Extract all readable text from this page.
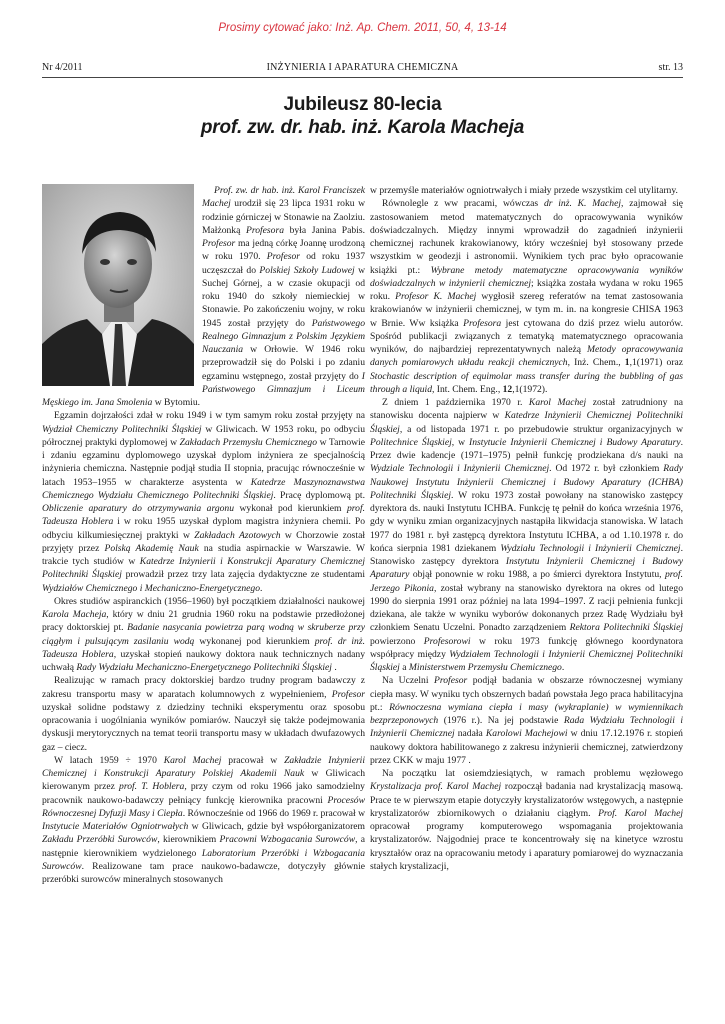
Prosimy cytować jako: Inż. Ap. Chem. 2011, 50, 4, 13-14
Nr 4/2011	INŻYNIERIA I APARATURA CHEMICZNA	str. 13
Jubileusz 80-lecia
prof. zw. dr. hab. inż. Karola Macheja

Prof. zw. dr hab. inż. Karol Franciszek Machej urodził się 23 lipca 1931 roku w rodzinie górniczej w Stonawie na Zaolziu. Małżonką Profesora była Janina Pabis. Profesor ma jedną córkę Joannę urodzoną w roku 1970. Profesor od roku 1937 uczęszczał do Polskiej Szkoły Ludowej w Suchej Górnej, a w czasie okupacji od roku 1940 do szkoły niemieckiej w Stonawie. Po zakończeniu wojny, w roku 1945 został przyjęty do Państwowego Realnego Gimnazjum z Polskim Językiem Nauczania w Orłowie. W 1946 roku przeprowadził się do Polski i po zdaniu egzaminu wstępnego, został przyjęty do I Państwowego Gimnazjum i Liceum Męskiego im. Jana Smolenia w Bytomiu.

Egzamin dojrzałości zdał w roku 1949 i w tym samym roku został przyjęty na Wydział Chemiczny Politechniki Śląskiej w Gliwicach. W 1953 roku, po odbyciu półrocznej praktyki dyplomowej w Zakładach Przemysłu Chemicznego w Tarnowie i zdaniu egzaminu dyplomowego uzyskał dyplom inżyniera ze specjalnością inżynieria chemiczna. Następnie podjął studia II stopnia, pracując równocześnie w latach 1953–1955 w charakterze asystenta w Katedrze Maszynoznawstwa Chemicznego Wydziału Chemicznego Politechniki Śląskiej. Pracę dyplomową pt. Obliczenie aparatury do otrzymywania argonu wykonał pod kierunkiem prof. Tadeusza Hoblera i w roku 1955 uzyskał dyplom magistra inżyniera chemii. Po odbyciu kilkumiesięcznej praktyki w Zakładach Azotowych w Chorzowie został przyjęty przez Polską Akademię Nauk na studia aspirnackie w Warszawie. W trakcie tych studiów w Katedrze Inżynierii i Konstrukcji Aparatury Chemicznej Politechniki Śląskiej prowadził przez trzy lata zajęcia dydaktyczne ze studentami Wydziałów Chemicznego i Mechaniczno-Energetycznego.

Okres studiów aspiranckich (1956–1960) był początkiem działalności naukowej Karola Macheja, który w dniu 21 grudnia 1960 roku na podstawie przedłożonej pracy doktorskiej pt. Badanie nasycania powietrza parą wodną w skruberze przy ciągłym i pulsującym zasilaniu wodą wykonanej pod kierunkiem prof. dr inż. Tadeusza Hoblera, uzyskał stopień naukowy doktora nauk technicznych nadany uchwałą Rady Wydziału Mechaniczno-Energetycznego Politechniki Śląskiej .

Realizując w ramach pracy doktorskiej bardzo trudny program badawczy z zakresu transportu masy w aparatach kolumnowych z wypełnieniem, Profesor uzyskał solidne podstawy z dziedziny techniki eksperymentu oraz sposobu opracowania i uogólniania wyników pomiarów. Nauczył się także podejmowania dyskusji merytorycznych na temat teorii transportu masy w układach dwufazowych gaz – ciecz.

W latach 1959 ÷ 1970 Karol Machej pracował w Zakładzie Inżynierii Chemicznej i Konstrukcji Aparatury Polskiej Akademii Nauk w Gliwicach kierowanym przez prof. T. Hoblera, przy czym od roku 1966 jako samodzielny pracownik naukowo-badawczy pełniący funkcję kierownika pracowni Procesów Równoczesnej Dyfuzji Masy i Ciepła. Równocześnie od 1966 do 1969 r. pracował w Instytucie Materiałów Ogniotrwałych w Gliwicach, gdzie był współorganizatorem Zakładu Przeróbki Surowców, kierownikiem Pracowni Wzbogacania Surowców, a następnie kierownikiem wydzielonego Laboratorium Przeróbki i Wzbogacania Surowców. Realizowane tam prace naukowo-badawcze, dotyczyły głównie przeróbki surowców mineralnych stosowanych

w przemyśle materiałów ogniotrwałych i miały przede wszystkim cel utylitarny.

Równolegle z ww pracami, wówczas dr inż. K. Machej, zajmował się zastosowaniem metod matematycznych do opracowywania wyników doświadczalnych. Między innymi wprowadził do zagadnień inżynierii chemicznej rachunek krakowianowy, który wcześniej był stosowany przede wszystkim w geodezji i astronomii. Wynikiem tych prac było opracowanie książki pt.: Wybrane metody matematyczne opracowywania wyników doświadczalnych w inżynierii chemicznej; książka została wydana w roku 1965 roku. Profesor K. Machej wygłosił szereg referatów na temat zastosowania krakowianów w inżynierii chemicznej, w tym m. in. na kongresie CHISA 1963 w Brnie. Ww książka Profesora jest cytowana do dziś przez wielu autorów. Spośród publikacji związanych z tematyką matematycznego opracowania wyników, do najbardziej reprezentatywnych należą Metody opracowywania danych pomiarowych układu reakcji chemicznych, Inż. Chem., 1,1(1971) oraz Stochastic description of equimolar mass transfer during the bubbling of gas through a liquid, Int. Chem. Eng., 12,1(1972).

Z dniem 1 października 1970 r. Karol Machej został zatrudniony na stanowisku docenta najpierw w Katedrze Inżynierii Chemicznej Politechniki Śląskiej, a od listopada 1971 r. po przebudowie struktur organizacyjnych w Politechnice Śląskiej, w Instytucie Inżynierii Chemicznej i Budowy Aparatury. Przez dwie kadencje (1971–1975) pełnił funkcję prodziekana d/s nauki na Wydziale Technologii i Inżynierii Chemicznej. Od 1972 r. był członkiem Rady Naukowej Instytutu Inżynierii Chemicznej i Budowy Aparatury (ICHBA) Politechniki Śląskiej. W roku 1973 został powołany na stanowisko zastępcy dyrektora ds. nauki Instytutu ICHBA. Funkcję tę pełnił do końca września 1976, gdy w wyniku zmian organizacyjnych nastąpiła likwidacja stanowiska. W latach 1977 do 1981 r. był zastępcą dyrektora Instytutu ICHBA, a od 1.10.1978 r. do końca sierpnia 1981 dziekanem Wydziału Technologii i Inżynierii Chemicznej. Stanowisko zastępcy dyrektora Instytutu Inżynierii Chemicznej i Budowy Aparatury objął ponownie w roku 1988, a po śmierci dyrektora Instytutu, prof. Jerzego Pikonia, został wybrany na stanowisko dyrektora na okres od lutego 1990 do sierpnia 1991 oraz później na lata 1994–1997. Z racji pełnienia funkcji dziekana, ale także w wyniku wyborów dokonanych przez Radę Wydziału był członkiem Senatu Uczelni. Ponadto zarządzeniem Rektora Politechniki Śląskiej powierzono Profesorowi w roku 1973 funkcję głównego koordynatora współpracy między Wydziałem Technologii i Inżynierii Chemicznej Politechniki Śląskiej a Ministerstwem Przemysłu Chemicznego.

Na Uczelni Profesor podjął badania w obszarze równoczesnej wymiany ciepła masy. W wyniku tych obszernych badań powstała Jego praca habilitacyjna pt.: Równoczesna wymiana ciepła i masy (wykraplanie) w wymiennikach bezprzeponowych (1976 r.). Na jej podstawie Rada Wydziału Technologii i Inżynierii Chemicznej nadała Karolowi Machejowi w dniu 17.12.1976 r. stopień naukowy doktora habilitowanego z zakresu inżynierii chemicznej, zatwierdzony przez CKK w maju 1977 .

Na początku lat osiemdziesiątych, w ramach problemu węzłowego Krystalizacja prof. Karol Machej rozpoczął badania nad krystalizacją masową. Prace te w pierwszym etapie dotyczyły krystalizatorów wstęgowych, a następnie krystalizatorów zbiornikowych o działaniu ciągłym. Prof. Karol Machej opracował programy komputerowego wspomagania projektowania krystalizatorów. Najgodniej prace te koncentrowały się na kinetyce wzrostu kryształów oraz na opracowaniu metody i aparatury pomiarowej do wyznaczania stałych krystalizacji,
